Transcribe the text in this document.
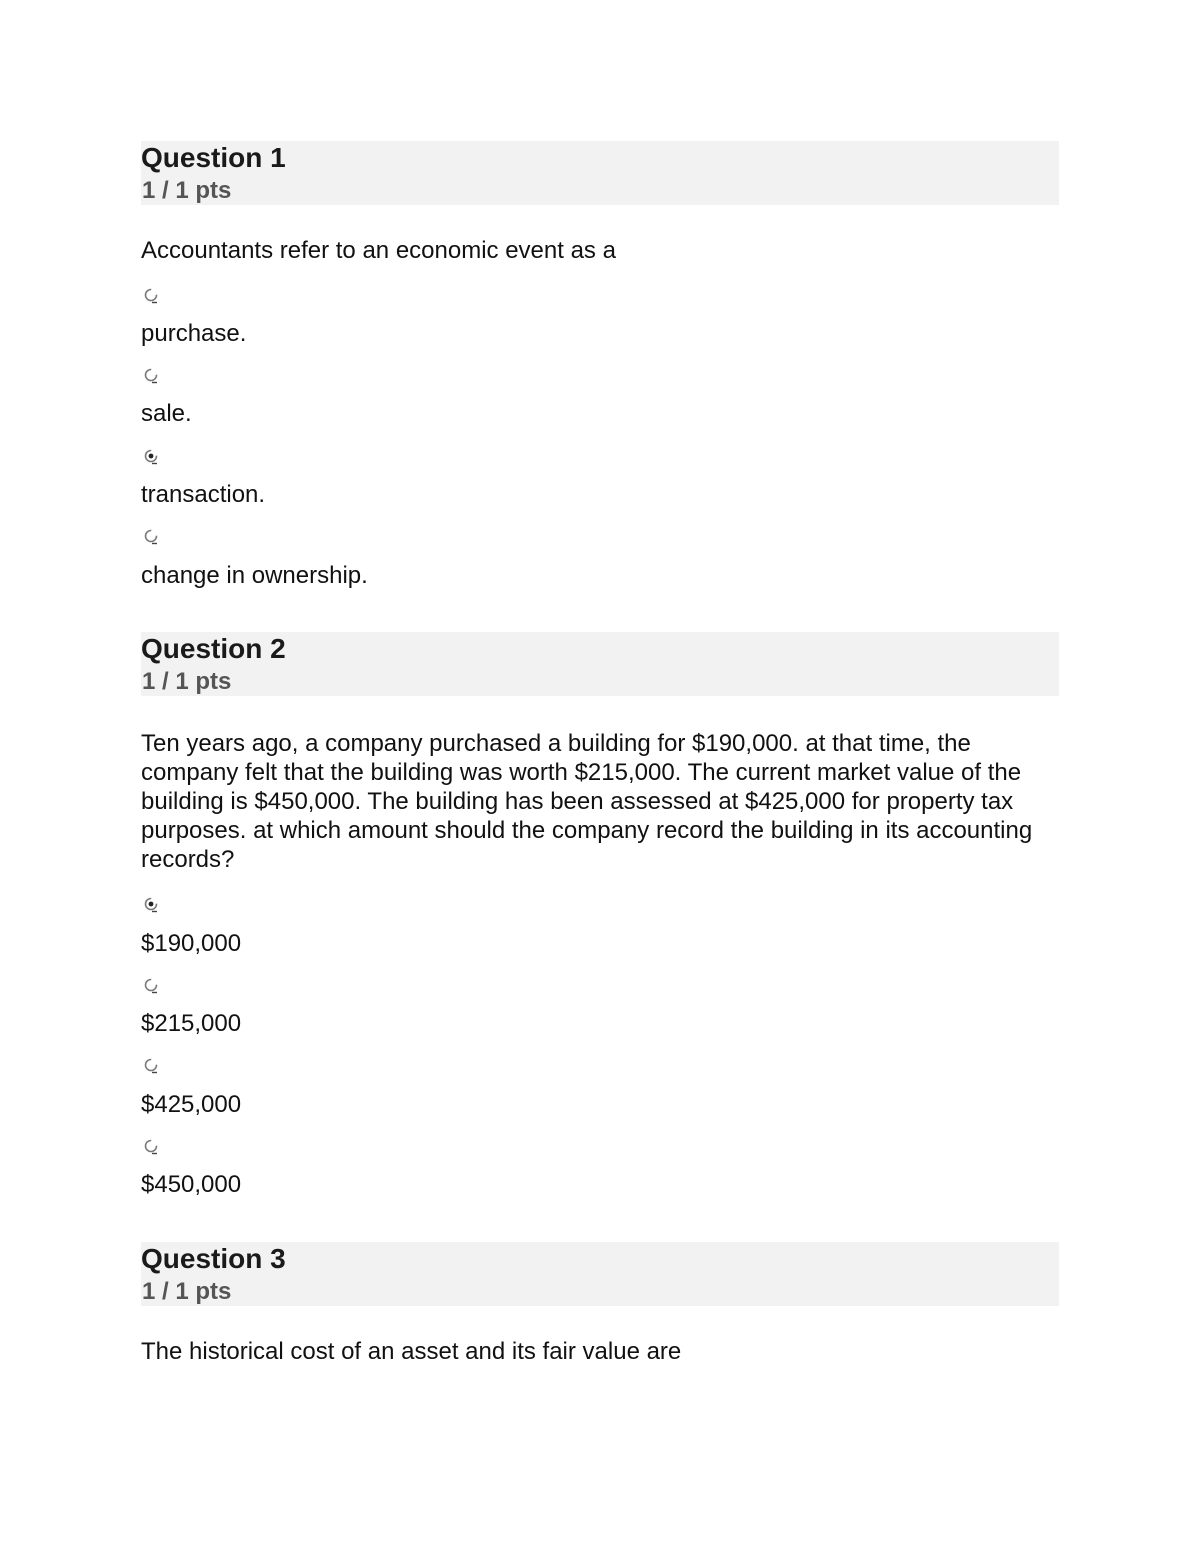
Question 1
1 / 1 pts
Accountants refer to an economic event as a
purchase.
sale.
transaction.
change in ownership.
Question 2
1 / 1 pts
Ten years ago, a company purchased a building for $190,000. at that time, the company felt that the building was worth $215,000. The current market value of the building is $450,000. The building has been assessed at $425,000 for property tax purposes. at which amount should the company record the building in its accounting records?
$190,000
$215,000
$425,000
$450,000
Question 3
1 / 1 pts
The historical cost of an asset and its fair value are
